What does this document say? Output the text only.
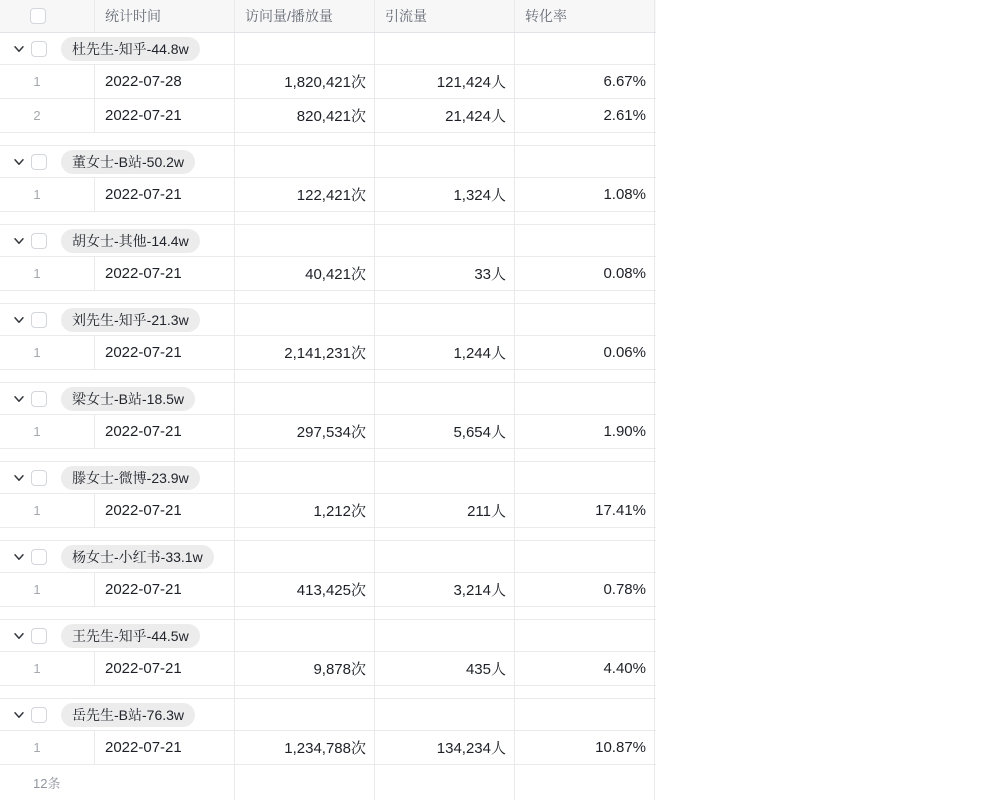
统计时间	访问量/播放量	引流量	转化率
杜先生-知乎-44.8w
1	2022-07-28	1,820,421次	121,424人	6.67%
2	2022-07-21	820,421次	21,424人	2.61%
董女士-B站-50.2w
1	2022-07-21	122,421次	1,324人	1.08%
胡女士-其他-14.4w
1	2022-07-21	40,421次	33人	0.08%
刘先生-知乎-21.3w
1	2022-07-21	2,141,231次	1,244人	0.06%
梁女士-B站-18.5w
1	2022-07-21	297,534次	5,654人	1.90%
滕女士-微博-23.9w
1	2022-07-21	1,212次	211人	17.41%
杨女士-小红书-33.1w
1	2022-07-21	413,425次	3,214人	0.78%
王先生-知乎-44.5w
1	2022-07-21	9,878次	435人	4.40%
岳先生-B站-76.3w
1	2022-07-21	1,234,788次	134,234人	10.87%
12条
